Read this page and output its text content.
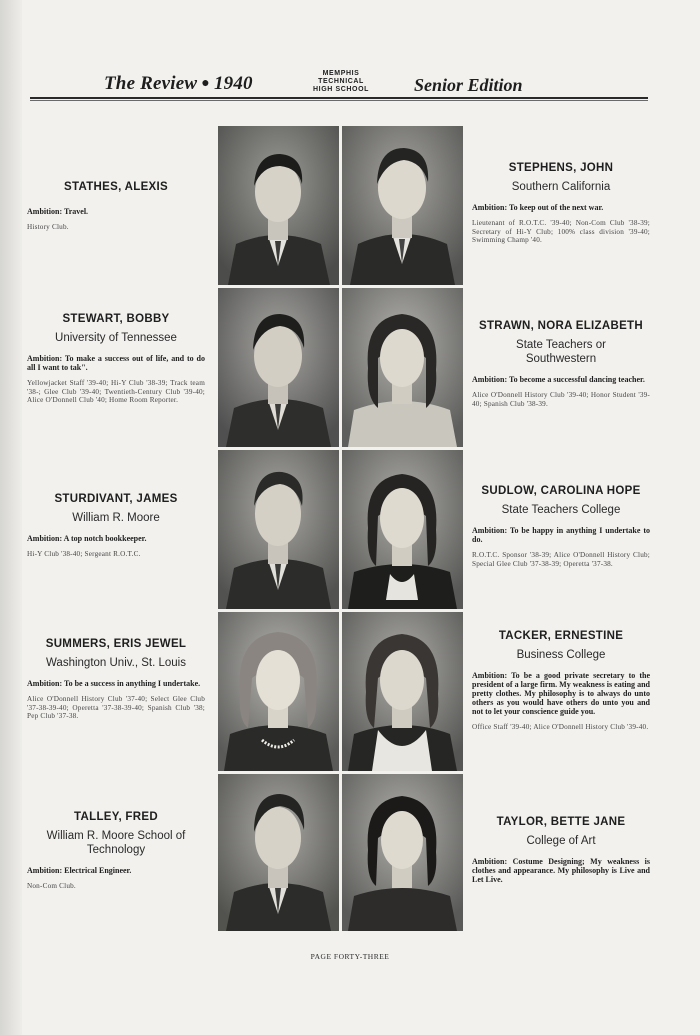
The Review ● 1940	MEMPHIS
TECHNICAL
HIGH SCHOOL	Senior Edition
STATHES, ALEXIS
Ambition: Travel.
History Club.
STEPHENS, JOHN
Southern California
Ambition: To keep out of the next war.
Lieutenant of R.O.T.C. '39-40; Non-Com Club '38-39; Secretary of Hi-Y Club; 100% class division '39-40; Swimming Champ '40.
STEWART, BOBBY
University of Tennessee
Ambition: To make a success out of life, and to do all I want to tak".
Yellowjacket Staff '39-40; Hi-Y Club '38-39; Track team '38-; Glee Club '39-40; Twentieth-Century Club '39-40; Alice O'Donnell Club '40; Home Room Reporter.
STRAWN, NORA ELIZABETH
State Teachers or Southwestern
Ambition: To become a successful dancing teacher.
Alice O'Donnell History Club '39-40; Honor Student '39-40; Spanish Club '38-39.
STURDIVANT, JAMES
William R. Moore
Ambition: A top notch bookkeeper.
Hi-Y Club '38-40; Sergeant R.O.T.C.
SUDLOW, CAROLINA HOPE
State Teachers College
Ambition: To be happy in anything I undertake to do.
R.O.T.C. Sponsor '38-39; Alice O'Donnell History Club; Special Glee Club '37-38-39; Operetta '37-38.
SUMMERS, ERIS JEWEL
Washington Univ., St. Louis
Ambition: To be a success in anything I undertake.
Alice O'Donnell History Club '37-40; Select Glee Club '37-38-39-40; Operetta '37-38-39-40; Spanish Club '38; Pep Club '37-38.
TACKER, ERNESTINE
Business College
Ambition: To be a good private secretary to the president of a large firm. My weakness is eating and pretty clothes. My philosophy is to always do unto others as you would have others do unto you and not to let your conscience guide you.
Office Staff '39-40; Alice O'Donnell History Club '39-40.
TALLEY, FRED
William R. Moore School of Technology
Ambition: Electrical Engineer.
Non-Com Club.
TAYLOR, BETTE JANE
College of Art
Ambition: Costume Designing; My weakness is clothes and appearance. My philosophy is Live and Let Live.
PAGE FORTY-THREE
